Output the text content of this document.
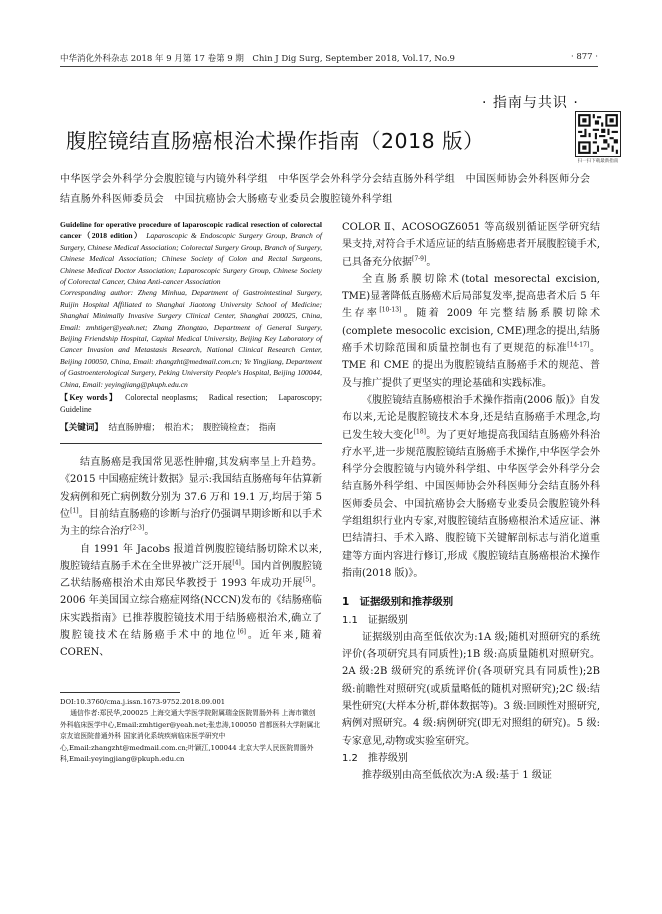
中华消化外科杂志 2018 年 9 月第 17 卷第 9 期　Chin J Dig Surg, September 2018, Vol.17, No.9	· 877 ·
· 指南与共识 ·
腹腔镜结直肠癌根治术操作指南（2018 版）
扫一扫下载最新指南
中华医学会外科学分会腹腔镜与内镜外科学组　中华医学会外科学分会结直肠外科学组　中国医师协会外科医师分会结直肠外科医师委员会　中国抗癌协会大肠癌专业委员会腹腔镜外科学组
Guideline for operative procedure of laparoscopic radical resection of colorectal cancer（2018 edition） Laparoscopic & Endoscopic Surgery Group, Branch of Surgery, Chinese Medical Association; Colorectal Surgery Group, Branch of Surgery, Chinese Medical Association; Chinese Society of Colon and Rectal Surgeons, Chinese Medical Doctor Association; Laparoscopic Surgery Group, Chinese Society of Colorectal Cancer, China Anti-cancer Association
Corresponding author: Zheng Minhua, Department of Gastrointestinal Surgery, Ruijin Hospital Affiliated to Shanghai Jiaotong University School of Medicine; Shanghai Minimally Invasive Surgery Clinical Center, Shanghai 200025, China, Email: zmhtiger@yeah.net; Zhang Zhongtao, Department of General Surgery, Beijing Friendship Hospital, Capital Medical University, Beijing Key Laboratory of Cancer Invasion and Metastasis Research, National Clinical Research Center, Beijing 100050, China, Email: zhangzht@medmail.com.cn; Ye Yingjiang, Department of Gastroenterological Surgery, Peking University People's Hospital, Beijing 100044, China, Email: yeyingjiang@pkuph.edu.cn
【Key words】 Colorectal neoplasms;　Radical resection;　Laparoscopy;　Guideline
【关键词】 结直肠肿瘤；　根治术；　腹腔镜检查；　指南

结直肠癌是我国常见恶性肿瘤,其发病率呈上升趋势。《2015 中国癌症统计数据》显示:我国结直肠癌每年估算新发病例和死亡病例数分别为 37.6 万和 19.1 万,均居于第 5 位[1]。目前结直肠癌的诊断与治疗仍强调早期诊断和以手术为主的综合治疗[2-3]。

自 1991 年 Jacobs 报道首例腹腔镜结肠切除术以来,腹腔镜结直肠手术在全世界被广泛开展[4]。国内首例腹腔镜乙状结肠癌根治术由郑民华教授于 1993 年成功开展[5]。2006 年美国国立综合癌症网络(NCCN)发布的《结肠癌临床实践指南》已推荐腹腔镜技术用于结肠癌根治术,确立了腹腔镜技术在结肠癌手术中的地位[6]。近年来,随着 COREN、

DOI:10.3760/cma.j.issn.1673-9752.2018.09.001
通信作者:郑民华,200025 上海交通大学医学院附属瑞金医院胃肠外科 上海市微创外科临床医学中心,Email:zmhtiger@yeah.net;张忠涛,100050 首都医科大学附属北京友谊医院普通外科 国家消化系统疾病临床医学研究中心,Email:zhangzht@medmail.com.cn;叶颖江,100044 北京大学人民医院胃肠外科,Email:yeyingjiang@pkuph.edu.cn

COLOR Ⅱ、ACOSOGZ6051 等高级别循证医学研究结果支持,对符合手术适应证的结直肠癌患者开展腹腔镜手术,已具备充分依据[7-9]。

全直肠系膜切除术(total mesorectal excision, TME)显著降低直肠癌术后局部复发率,提高患者术后 5 年生存率[10-13]。随着 2009 年完整结肠系膜切除术(complete mesocolic excision, CME)理念的提出,结肠癌手术切除范围和质量控制也有了更规范的标准[14-17]。TME 和 CME 的提出为腹腔镜结直肠癌手术的规范、普及与推广提供了更坚实的理论基础和实践标准。

《腹腔镜结直肠癌根治手术操作指南(2006 版)》自发布以来,无论是腹腔镜技术本身,还是结直肠癌手术理念,均已发生较大变化[18]。为了更好地提高我国结直肠癌外科治疗水平,进一步规范腹腔镜结直肠癌手术操作,中华医学会外科学分会腹腔镜与内镜外科学组、中华医学会外科学分会结直肠外科学组、中国医师协会外科医师分会结直肠外科医师委员会、中国抗癌协会大肠癌专业委员会腹腔镜外科学组组织行业内专家,对腹腔镜结直肠癌根治术适应证、淋巴结清扫、手术入路、腹腔镜下关键解剖标志与消化道重建等方面内容进行修订,形成《腹腔镜结直肠癌根治术操作指南(2018 版)》。

1　证据级别和推荐级别

1.1　证据级别

证据级别由高至低依次为:1A 级;随机对照研究的系统评价(各项研究具有同质性);1B 级:高质量随机对照研究。2A 级:2B 级研究的系统评价(各项研究具有同质性);2B 级:前瞻性对照研究(或质量略低的随机对照研究);2C 级:结果性研究(大样本分析,群体数据等)。3 级:回顾性对照研究,病例对照研究。4 级:病例研究(即无对照组的研究)。5 级:专家意见,动物或实验室研究。

1.2　推荐级别

推荐级别由高至低依次为:A 级:基于 1 级证
